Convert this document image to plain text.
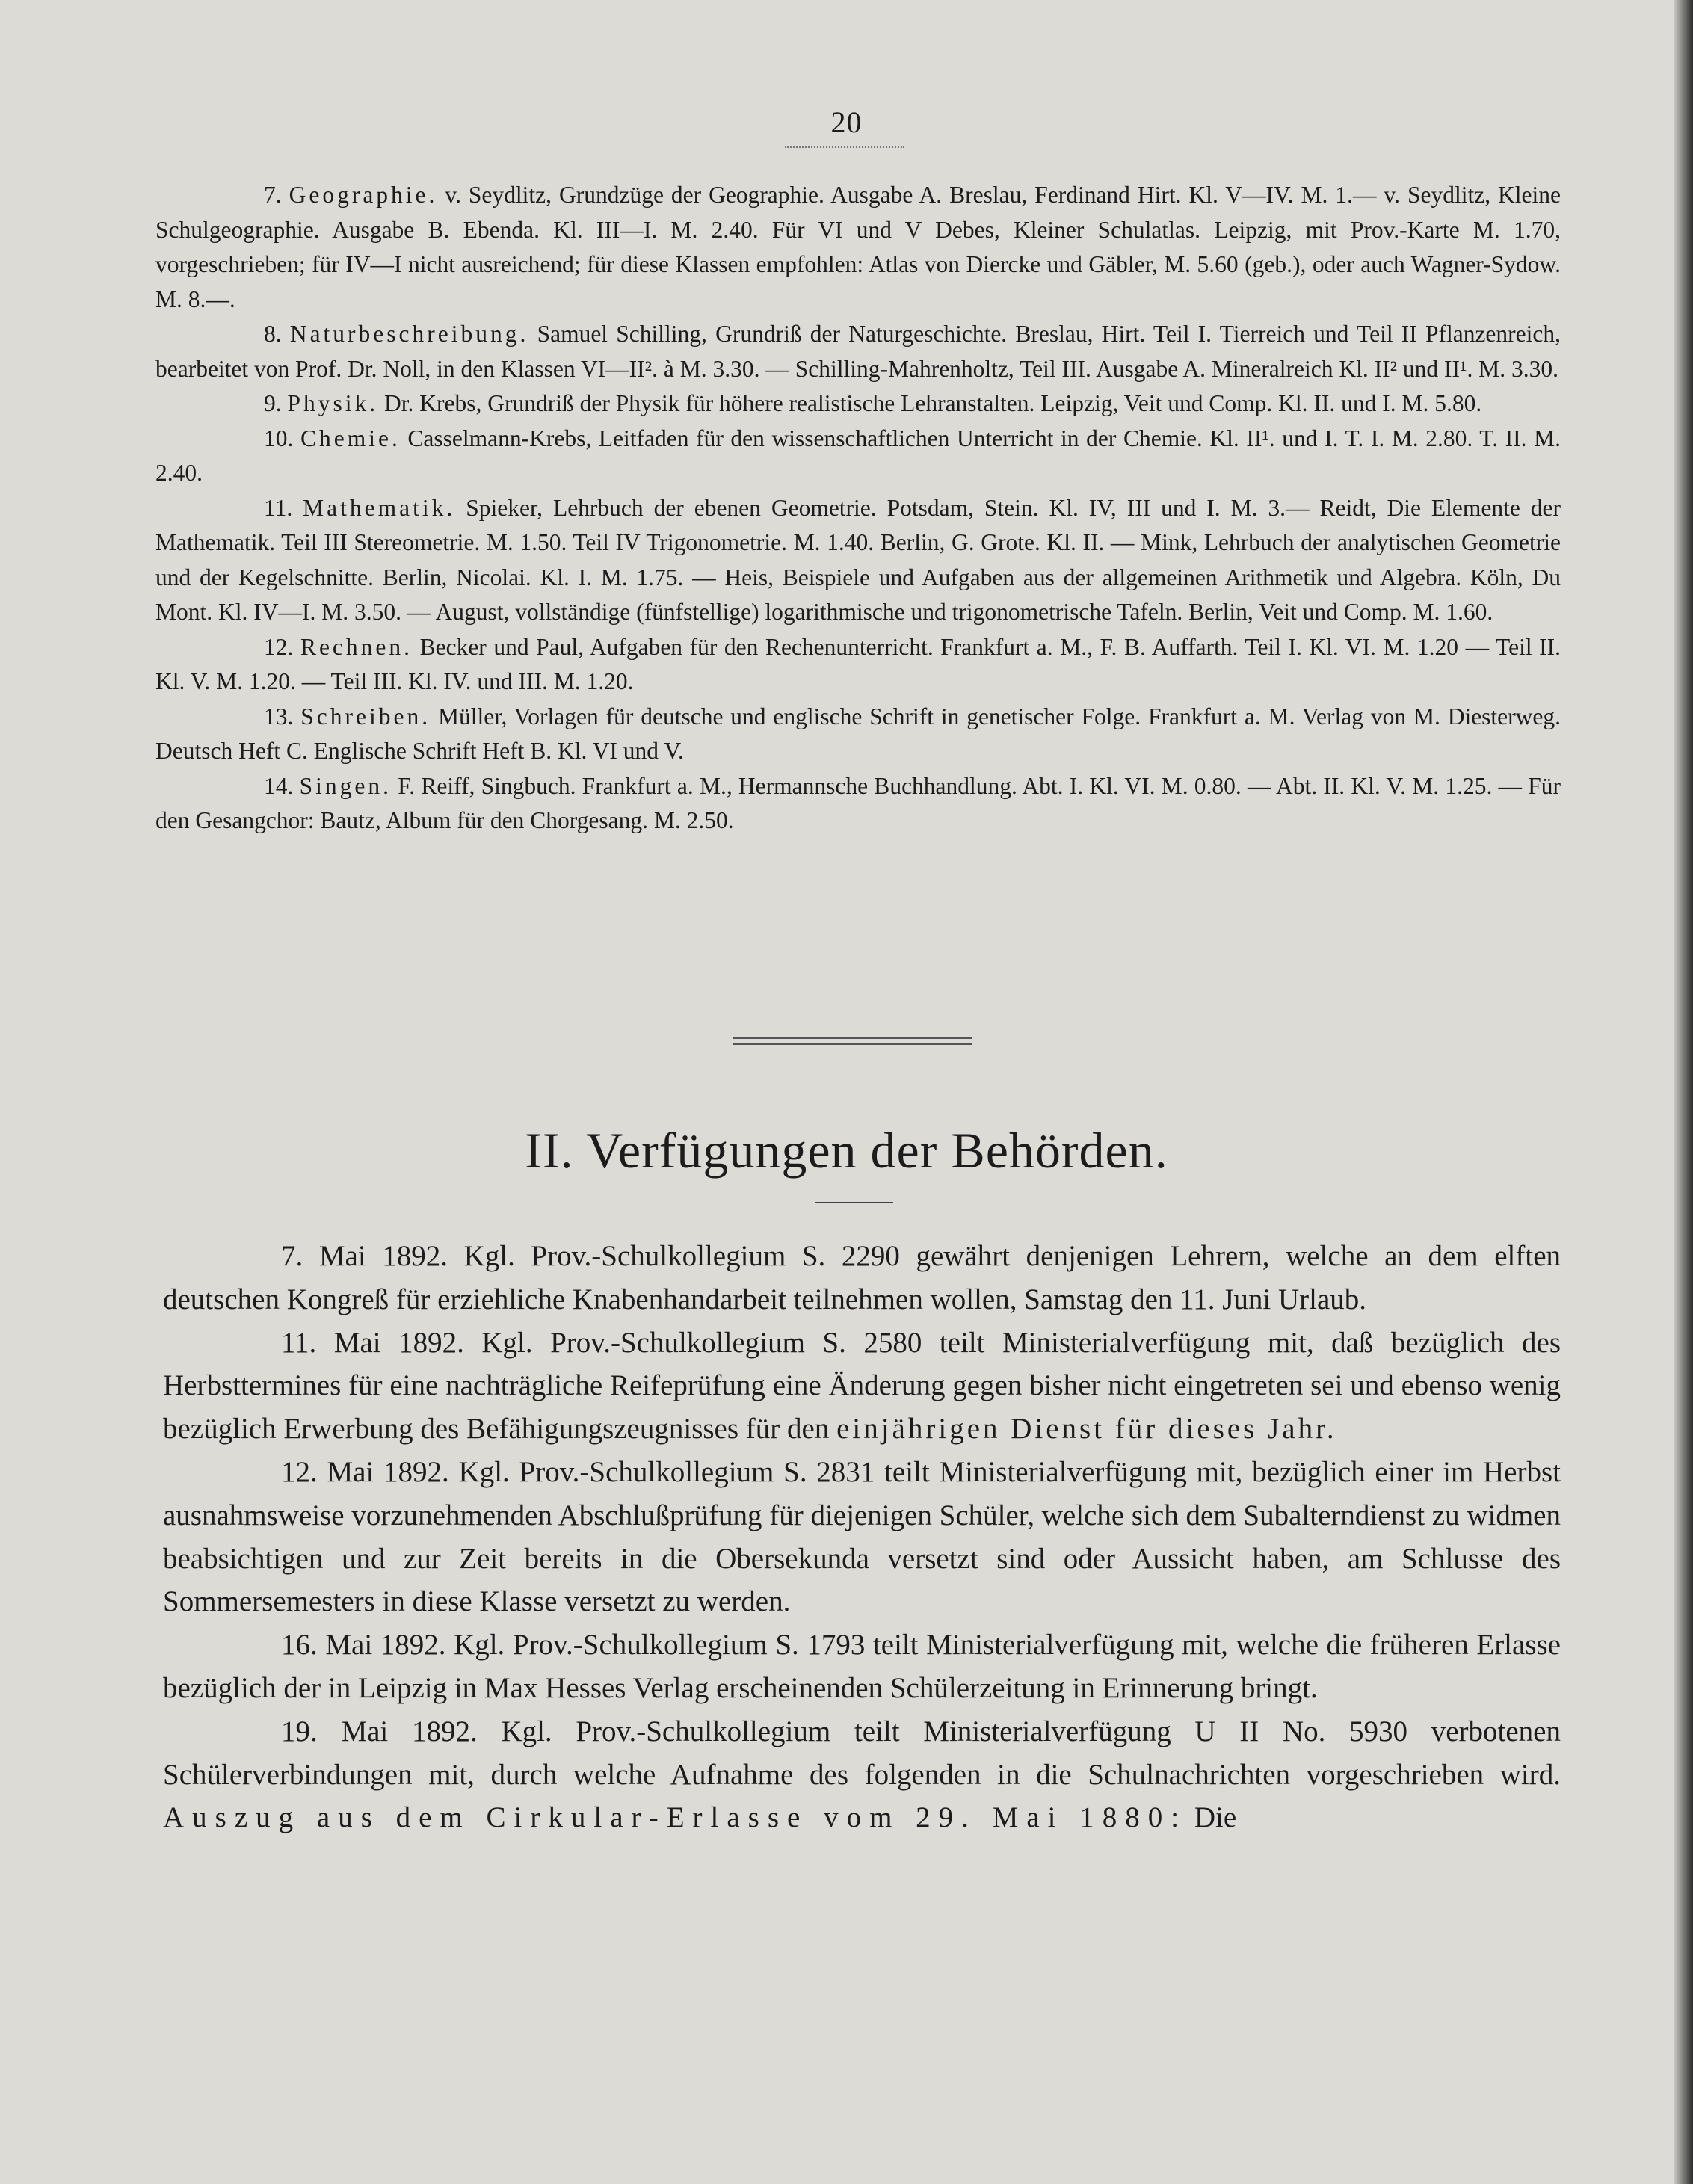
20

7. Geographie. v. Seydlitz, Grundzüge der Geographie. Ausgabe A. Breslau, Ferdinand Hirt. Kl. V—IV. M. 1.— v. Seydlitz, Kleine Schulgeographie. Ausgabe B. Ebenda. Kl. III—I. M. 2.40. Für VI und V Debes, Kleiner Schulatlas. Leipzig, mit Prov.-Karte M. 1.70, vorgeschrieben; für IV—I nicht ausreichend; für diese Klassen empfohlen: Atlas von Diercke und Gäbler, M. 5.60 (geb.), oder auch Wagner-Sydow. M. 8.—.

8. Naturbeschreibung. Samuel Schilling, Grundriß der Naturgeschichte. Breslau, Hirt. Teil I. Tierreich und Teil II Pflanzenreich, bearbeitet von Prof. Dr. Noll, in den Klassen VI—II². à M. 3.30. — Schilling-Mahrenholtz, Teil III. Ausgabe A. Mineralreich Kl. II² und II¹. M. 3.30.

9. Physik. Dr. Krebs, Grundriß der Physik für höhere realistische Lehranstalten. Leipzig, Veit und Comp. Kl. II. und I. M. 5.80.

10. Chemie. Casselmann-Krebs, Leitfaden für den wissenschaftlichen Unterricht in der Chemie. Kl. II¹. und I. T. I. M. 2.80. T. II. M. 2.40.

11. Mathematik. Spieker, Lehrbuch der ebenen Geometrie. Potsdam, Stein. Kl. IV, III und I. M. 3.— Reidt, Die Elemente der Mathematik. Teil III Stereometrie. M. 1.50. Teil IV Trigonometrie. M. 1.40. Berlin, G. Grote. Kl. II. — Mink, Lehrbuch der analytischen Geometrie und der Kegelschnitte. Berlin, Nicolai. Kl. I. M. 1.75. — Heis, Beispiele und Aufgaben aus der allgemeinen Arithmetik und Algebra. Köln, Du Mont. Kl. IV—I. M. 3.50. — August, vollständige (fünfstellige) logarithmische und trigonometrische Tafeln. Berlin, Veit und Comp. M. 1.60.

12. Rechnen. Becker und Paul, Aufgaben für den Rechenunterricht. Frankfurt a. M., F. B. Auffarth. Teil I. Kl. VI. M. 1.20 — Teil II. Kl. V. M. 1.20. — Teil III. Kl. IV. und III. M. 1.20.

13. Schreiben. Müller, Vorlagen für deutsche und englische Schrift in genetischer Folge. Frankfurt a. M. Verlag von M. Diesterweg. Deutsch Heft C. Englische Schrift Heft B. Kl. VI und V.

14. Singen. F. Reiff, Singbuch. Frankfurt a. M., Hermannsche Buchhandlung. Abt. I. Kl. VI. M. 0.80. — Abt. II. Kl. V. M. 1.25. — Für den Gesangchor: Bautz, Album für den Chorgesang. M. 2.50.

II. Verfügungen der Behörden.

7. Mai 1892. Kgl. Prov.-Schulkollegium S. 2290 gewährt denjenigen Lehrern, welche an dem elften deutschen Kongreß für erziehliche Knabenhandarbeit teilnehmen wollen, Samstag den 11. Juni Urlaub.

11. Mai 1892. Kgl. Prov.-Schulkollegium S. 2580 teilt Ministerialverfügung mit, daß bezüglich des Herbsttermines für eine nachträgliche Reifeprüfung eine Änderung gegen bisher nicht eingetreten sei und ebenso wenig bezüglich Erwerbung des Befähigungszeugnisses für den einjährigen Dienst für dieses Jahr.

12. Mai 1892. Kgl. Prov.-Schulkollegium S. 2831 teilt Ministerialverfügung mit, bezüglich einer im Herbst ausnahmsweise vorzunehmenden Abschlußprüfung für diejenigen Schüler, welche sich dem Subalterndienst zu widmen beabsichtigen und zur Zeit bereits in die Obersekunda versetzt sind oder Aussicht haben, am Schlusse des Sommersemesters in diese Klasse versetzt zu werden.

16. Mai 1892. Kgl. Prov.-Schulkollegium S. 1793 teilt Ministerialverfügung mit, welche die früheren Erlasse bezüglich der in Leipzig in Max Hesses Verlag erscheinenden Schülerzeitung in Erinnerung bringt.

19. Mai 1892. Kgl. Prov.-Schulkollegium teilt Ministerialverfügung U II No. 5930 verbotenen Schülerverbindungen mit, durch welche Aufnahme des folgenden in die Schulnachrichten vorgeschrieben wird. Auszug aus dem Cirkular-Erlasse vom 29. Mai 1880: Die
